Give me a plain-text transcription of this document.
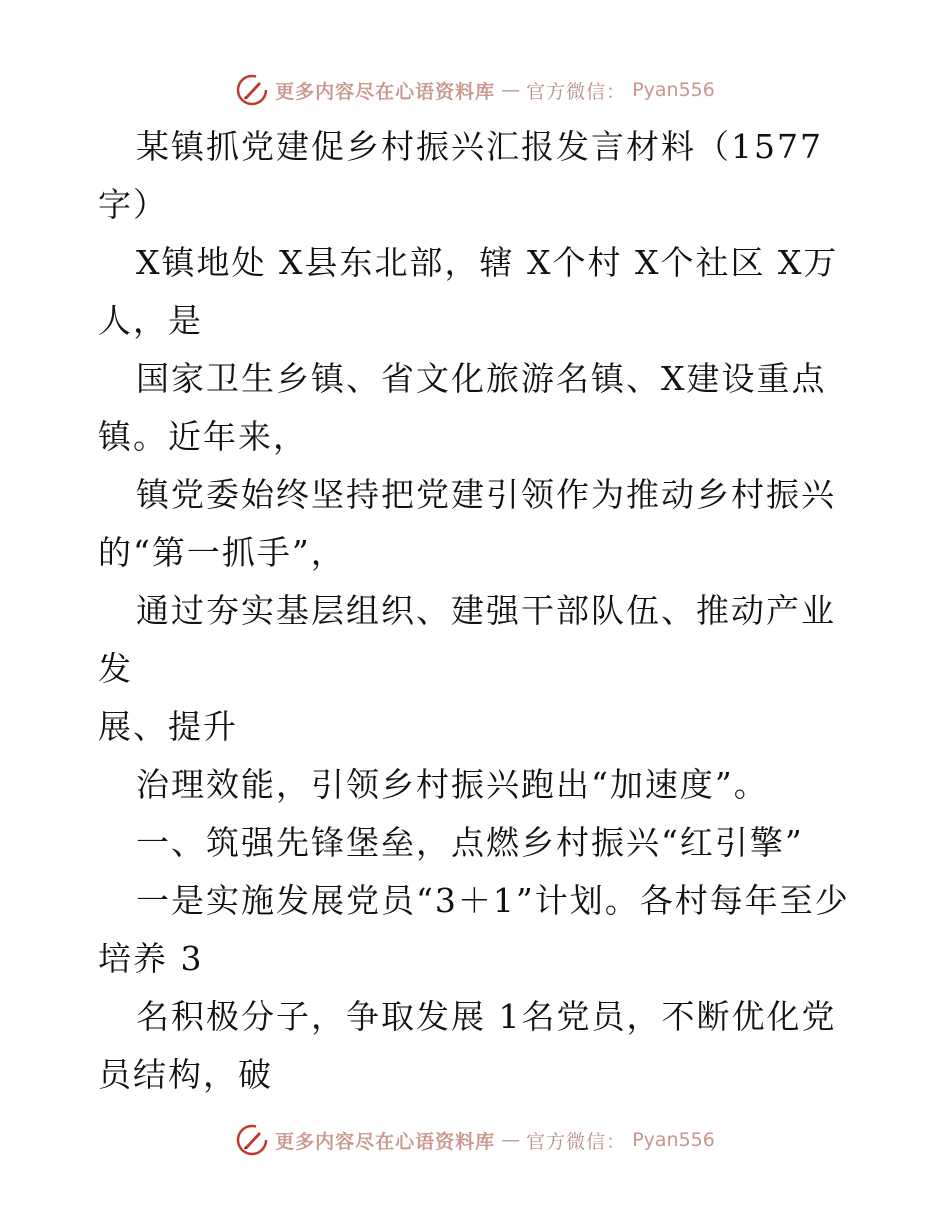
更多内容尽在心语资料库 — 官方微信： Pyan556

某镇抓党建促乡村振兴汇报发言材料（1577
字）

X镇地处 X县东北部，辖 X个村 X个社区 X万
人，是

国家卫生乡镇、省文化旅游名镇、X建设重点
镇。近年来，

镇党委始终坚持把党建引领作为推动乡村振兴
的“第一抓手”，

通过夯实基层组织、建强干部队伍、推动产业发
展、提升

治理效能，引领乡村振兴跑出“加速度”。

一、筑强先锋堡垒，点燃乡村振兴“红引擎”

一是实施发展党员“3＋1”计划。各村每年至少
培养 3

名积极分子，争取发展 1名党员，不断优化党
员结构，破

更多内容尽在心语资料库 — 官方微信： Pyan556
